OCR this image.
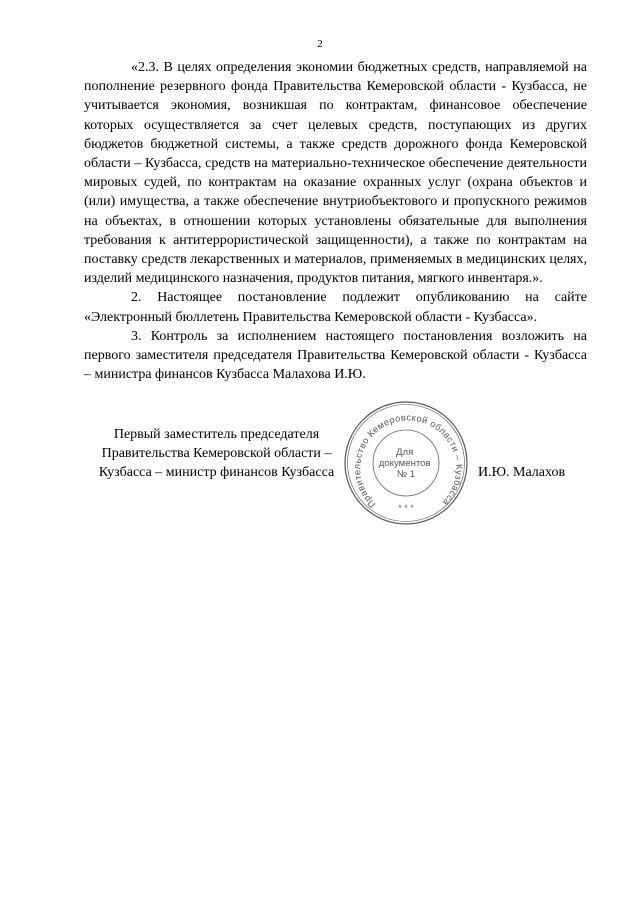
2

«2.3. В целях определения экономии бюджетных средств, направляемой на пополнение резервного фонда Правительства Кемеровской области - Кузбасса, не учитывается экономия, возникшая по контрактам, финансовое обеспечение которых осуществляется за счет целевых средств, поступающих из других бюджетов бюджетной системы, а также средств дорожного фонда Кемеровской области – Кузбасса, средств на материально-техническое обеспечение деятельности мировых судей, по контрактам на оказание охранных услуг (охрана объектов и (или) имущества, а также обеспечение внутриобъектового и пропускного режимов на объектах, в отношении которых установлены обязательные для выполнения требования к антитеррористической защищенности), а также по контрактам на поставку средств лекарственных и материалов, применяемых в медицинских целях, изделий медицинского назначения, продуктов питания, мягкого инвентаря.».

2. Настоящее постановление подлежит опубликованию на сайте «Электронный бюллетень Правительства Кемеровской области - Кузбасса».

3. Контроль за исполнением настоящего постановления возложить на первого заместителя председателя Правительства Кемеровской области - Кузбасса – министра финансов Кузбасса Малахова И.Ю.

Первый заместитель председателя
Правительства Кемеровской области –
Кузбасса – министр финансов Кузбасса	И.Ю. Малахов
Правительство Кемеровской области – Кузбасса
Для документов № 1
* * *
